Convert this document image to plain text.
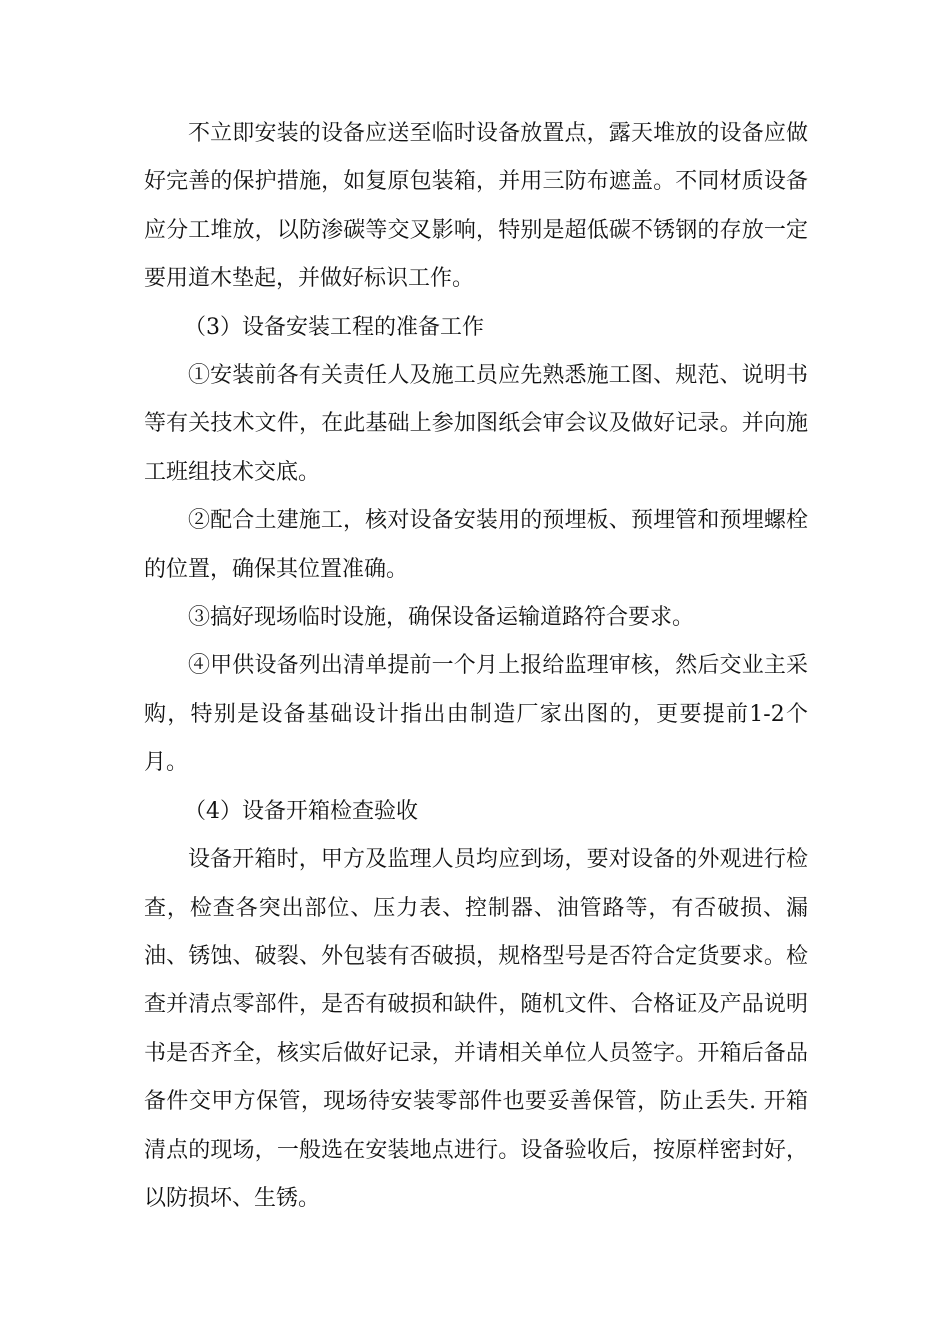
不立即安装的设备应送至临时设备放置点，露天堆放的设备应做好完善的保护措施，如复原包装箱，并用三防布遮盖。不同材质设备应分工堆放，以防渗碳等交叉影响，特别是超低碳不锈钢的存放一定要用道木垫起，并做好标识工作。

（3）设备安装工程的准备工作

①安装前各有关责任人及施工员应先熟悉施工图、规范、说明书等有关技术文件，在此基础上参加图纸会审会议及做好记录。并向施工班组技术交底。

②配合土建施工，核对设备安装用的预埋板、预埋管和预埋螺栓的位置，确保其位置准确。

③搞好现场临时设施，确保设备运输道路符合要求。

④甲供设备列出清单提前一个月上报给监理审核，然后交业主采购，特别是设备基础设计指出由制造厂家出图的，更要提前1-2个月。

（4）设备开箱检查验收

设备开箱时，甲方及监理人员均应到场，要对设备的外观进行检查，检查各突出部位、压力表、控制器、油管路等，有否破损、漏油、锈蚀、破裂、外包装有否破损，规格型号是否符合定货要求。检查并清点零部件，是否有破损和缺件，随机文件、合格证及产品说明书是否齐全，核实后做好记录，并请相关单位人员签字。开箱后备品备件交甲方保管，现场待安装零部件也要妥善保管，防止丢失. 开箱清点的现场，一般选在安装地点进行。设备验收后，按原样密封好，以防损坏、生锈。
